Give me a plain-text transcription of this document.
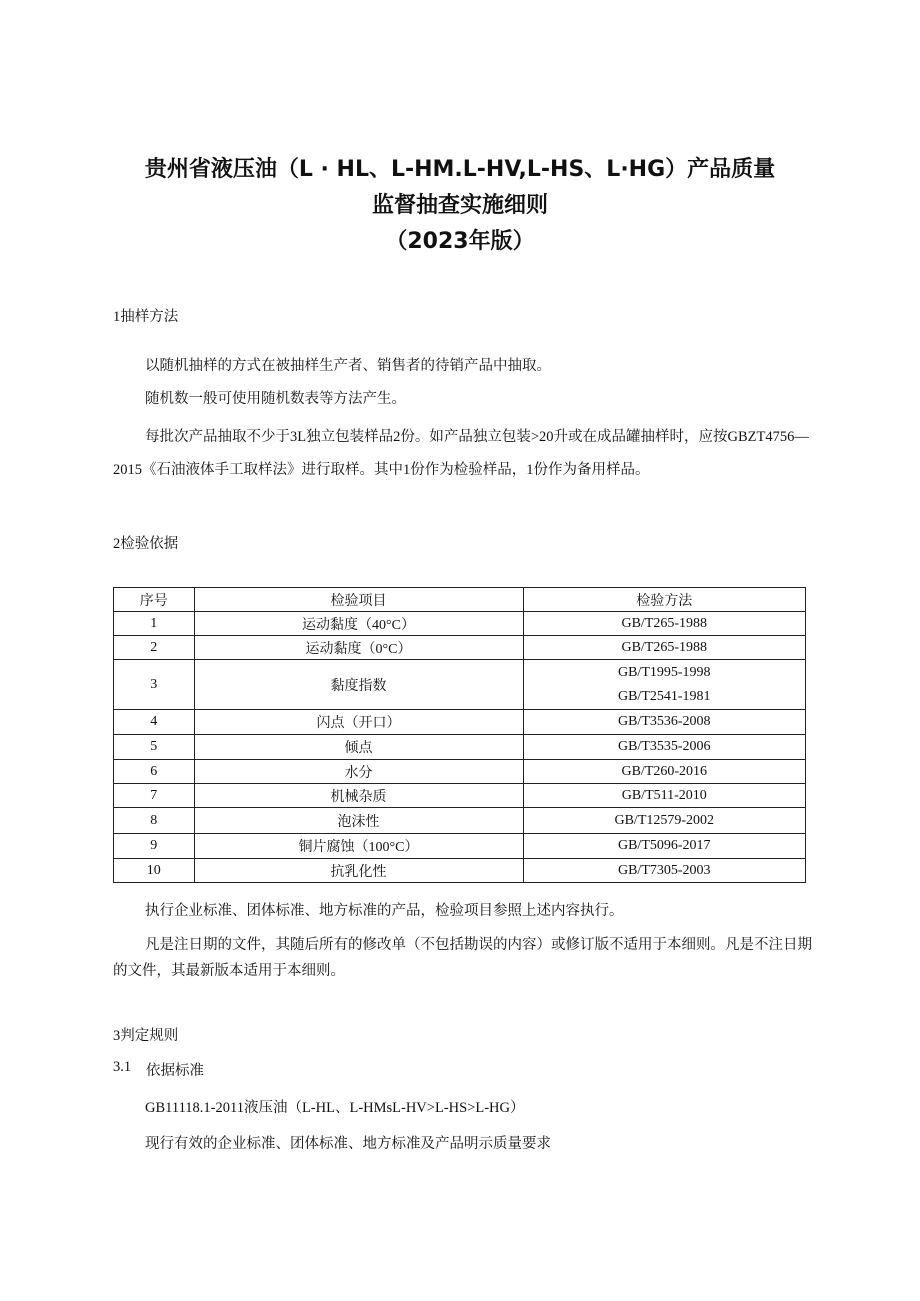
贵州省液压油（L · HL、L-HM.L-HV,L-HS、L·HG）产品质量
监督抽查实施细则
（2023年版）
1抽样方法
以随机抽样的方式在被抽样生产者、销售者的待销产品中抽取。
随机数一般可使用随机数表等方法产生。
每批次产品抽取不少于3L独立包装样品2份。如产品独立包装>20升或在成品罐抽样时，应按GBZT4756—2015《石油液体手工取样法》进行取样。其中1份作为检验样品，1份作为备用样品。
2检验依据
序号	检验项目	检验方法
1	运动黏度（40°C）	GB/T265-1988
2	运动黏度（0°C）	GB/T265-1988
3	黏度指数	GB/T1995-1998
GB/T2541-1981

4	闪点（开口）	GB/T3536-2008
5	倾点	GB/T3535-2006
6	水分	GB/T260-2016
7	机械杂质	GB/T511-2010
8	泡沫性	GB/T12579-2002
9	铜片腐蚀（100°C）	GB/T5096-2017
10	抗乳化性	GB/T7305-2003
执行企业标准、团体标准、地方标准的产品，检验项目参照上述内容执行。
凡是注日期的文件，其随后所有的修改单（不包括勘误的内容）或修订版不适用于本细则。凡是不注日期的文件，其最新版本适用于本细则。
3判定规则
3.1 依据标准
GB11118.1-2011液压油（L-HL、L-HMsL-HV>L-HS>L-HG）
现行有效的企业标准、团体标准、地方标准及产品明示质量要求
